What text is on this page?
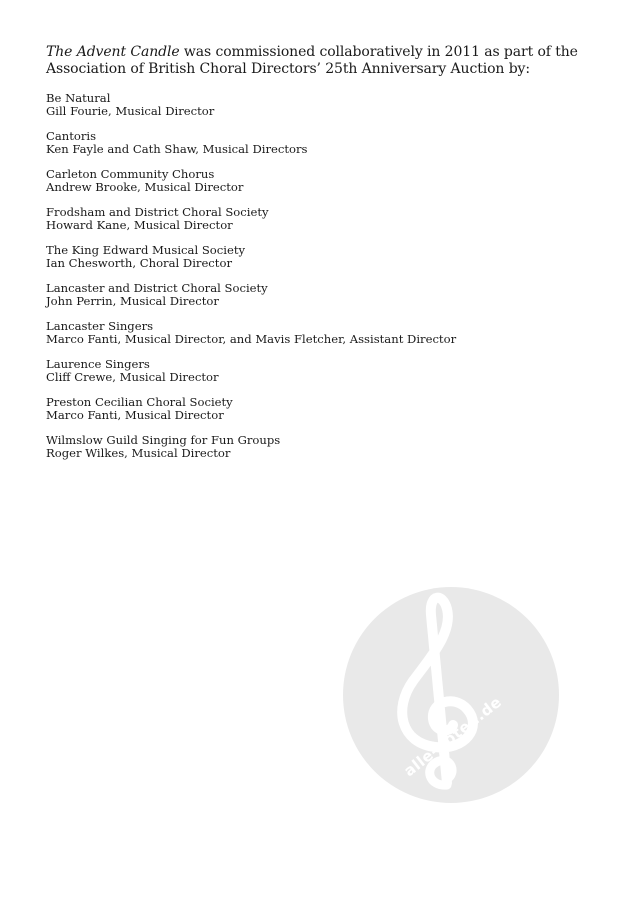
The Advent Candle was commissioned collaboratively in 2011 as part of the Association of British Choral Directors’ 25th Anniversary Auction by:

Be Natural
Gill Fourie, Musical Director
Cantoris
Ken Fayle and Cath Shaw, Musical Directors
Carleton Community Chorus
Andrew Brooke, Musical Director
Frodsham and District Choral Society
Howard Kane, Musical Director
The King Edward Musical Society
Ian Chesworth, Choral Director
Lancaster and District Choral Society
John Perrin, Musical Director
Lancaster Singers
Marco Fanti, Musical Director, and Mavis Fletcher, Assistant Director
Laurence Singers
Cliff Crewe, Musical Director
Preston Cecilian Choral Society
Marco Fanti, Musical Director
Wilmslow Guild Singing for Fun Groups
Roger Wilkes, Musical Director
alle-noten.de
